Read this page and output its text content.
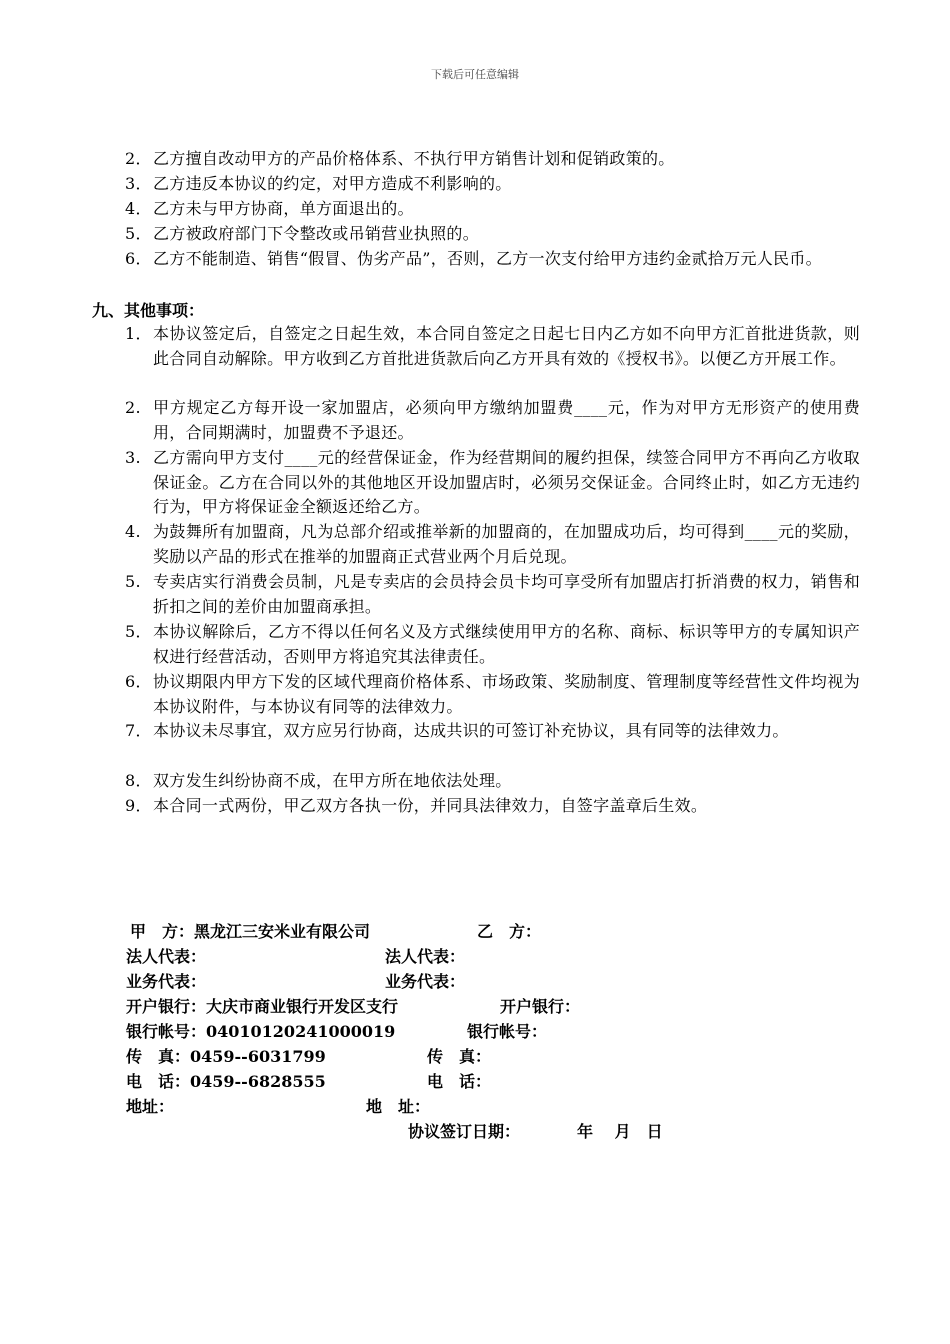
下载后可任意编辑
2． 乙方擅自改动甲方的产品价格体系、不执行甲方销售计划和促销政策的。
3． 乙方违反本协议的约定，对甲方造成不利影响的。
4． 乙方未与甲方协商，单方面退出的。
5． 乙方被政府部门下令整改或吊销营业执照的。
6． 乙方不能制造、销售“假冒、伪劣产品”，否则，乙方一次支付给甲方违约金贰拾万元人民币。
九、其他事项：
1． 本协议签定后，自签定之日起生效，本合同自签定之日起七日内乙方如不向甲方汇首批进货款，则此合同自动解除。甲方收到乙方首批进货款后向乙方开具有效的《授权书》。以便乙方开展工作。
2. 甲方规定乙方每开设一家加盟店，必须向甲方缴纳加盟费____元，作为对甲方无形资产的使用费用，合同期满时，加盟费不予退还。
3. 乙方需向甲方支付____元的经营保证金，作为经营期间的履约担保，续签合同甲方不再向乙方收取保证金。乙方在合同以外的其他地区开设加盟店时，必须另交保证金。合同终止时，如乙方无违约行为，甲方将保证金全额返还给乙方。
4. 为鼓舞所有加盟商，凡为总部介绍或推举新的加盟商的，在加盟成功后，均可得到____元的奖励，奖励以产品的形式在推举的加盟商正式营业两个月后兑现。
5. 专卖店实行消费会员制，凡是专卖店的会员持会员卡均可享受所有加盟店打折消费的权力，销售和折扣之间的差价由加盟商承担。
5． 本协议解除后，乙方不得以任何名义及方式继续使用甲方的名称、商标、标识等甲方的专属知识产权进行经营活动，否则甲方将追究其法律责任。
6． 协议期限内甲方下发的区域代理商价格体系、市场政策、奖励制度、管理制度等经营性文件均视为本协议附件，与本协议有同等的法律效力。
7． 本协议未尽事宜，双方应另行协商，达成共识的可签订补充协议，具有同等的法律效力。
8． 双方发生纠纷协商不成，在甲方所在地依法处理。
9． 本合同一式两份，甲乙双方各执一份，并同具法律效力，自签字盖章后生效。
甲　方：黑龙江三安米业有限公司	乙　方：
法人代表：	法人代表：
业务代表：	业务代表：
开户银行：大庆市商业银行开发区支行	开户银行：
银行帐号：04010120241000019	银行帐号：
传　真：0459--6031799	传　真：
电　话：0459--6828555	电　话：
地址：	地　址：
协议签订日期：	年　 月　日
